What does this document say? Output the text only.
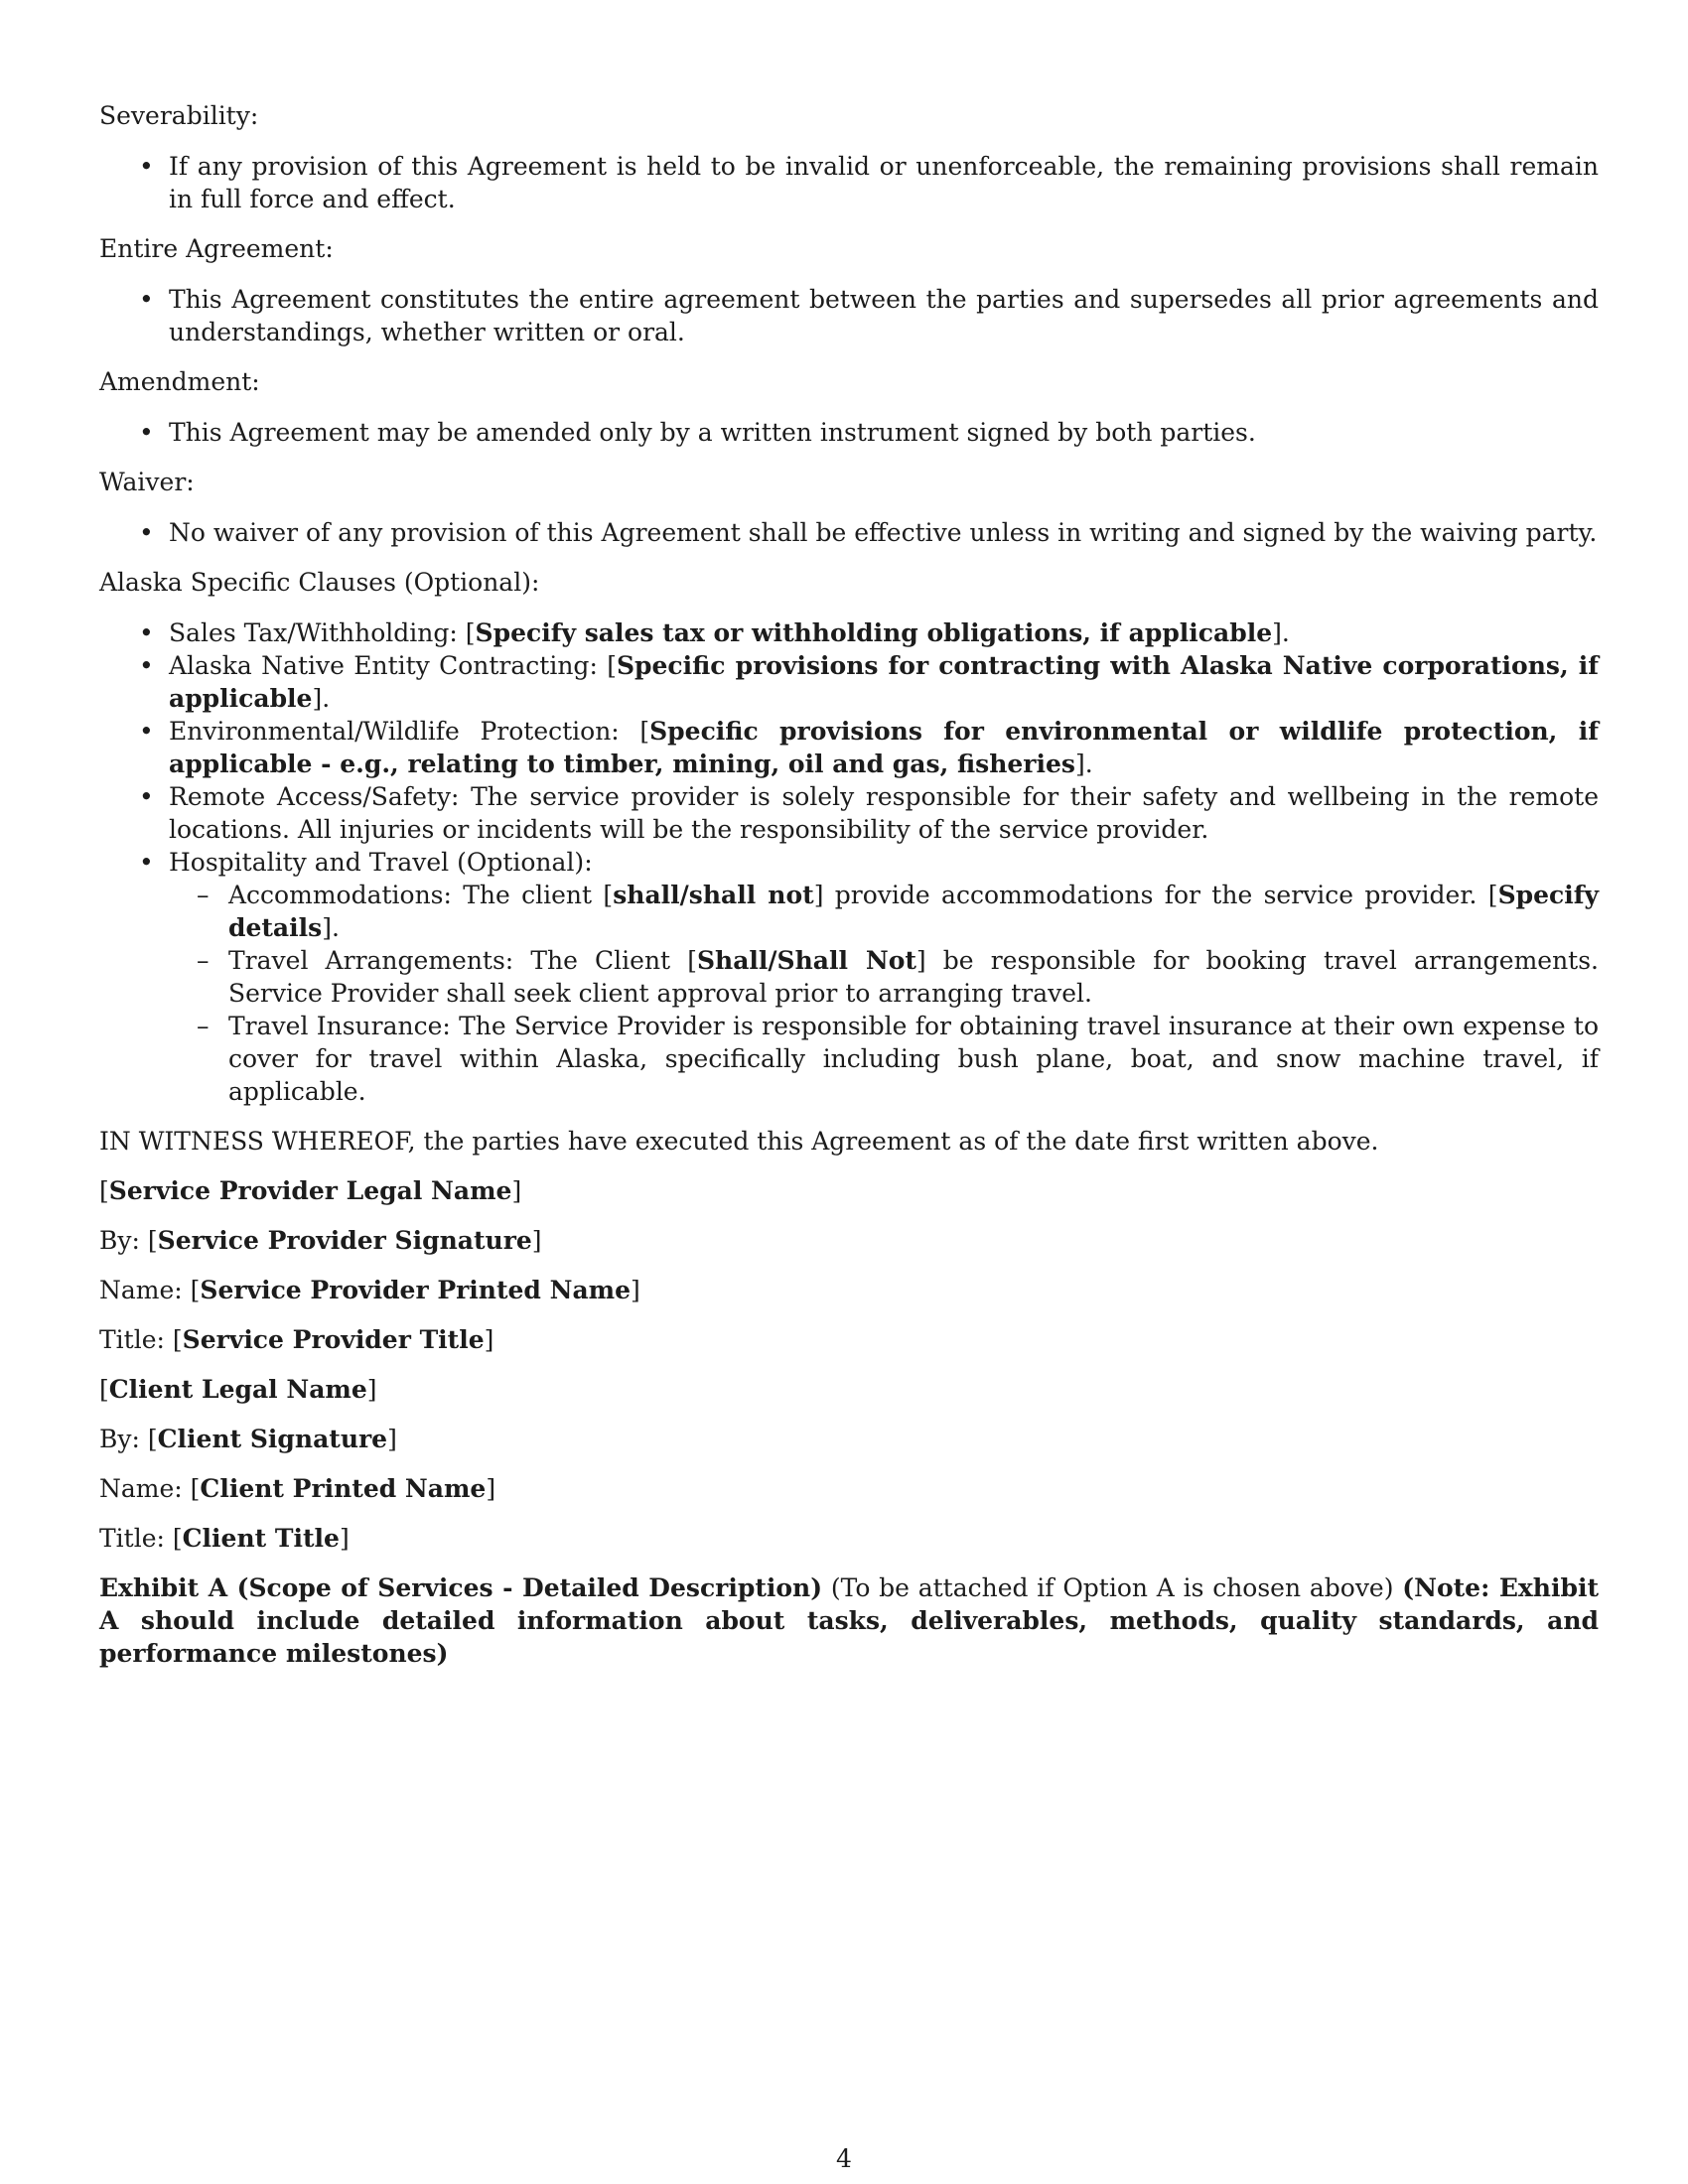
Severability:

• If any provision of this Agreement is held to be invalid or unenforceable, the remaining provisions shall remain in full force and effect.

Entire Agreement:

• This Agreement constitutes the entire agreement between the parties and supersedes all prior agreements and understandings, whether written or oral.

Amendment:

• This Agreement may be amended only by a written instrument signed by both parties.

Waiver:

• No waiver of any provision of this Agreement shall be effective unless in writing and signed by the waiving party.

Alaska Specific Clauses (Optional):

• Sales Tax/Withholding: [Specify sales tax or withholding obligations, if applicable].
• Alaska Native Entity Contracting: [Specific provisions for contracting with Alaska Native corporations, if applicable].
• Environmental/Wildlife Protection: [Specific provisions for environmental or wildlife protection, if applicable - e.g., relating to timber, mining, oil and gas, fisheries].
• Remote Access/Safety: The service provider is solely responsible for their safety and wellbeing in the remote locations. All injuries or incidents will be the responsibility of the service provider.
• Hospitality and Travel (Optional):
– Accommodations: The client [shall/shall not] provide accommodations for the service provider. [Specify details].
– Travel Arrangements: The Client [Shall/Shall Not] be responsible for booking travel arrangements. Service Provider shall seek client approval prior to arranging travel.
– Travel Insurance: The Service Provider is responsible for obtaining travel insurance at their own expense to cover for travel within Alaska, specifically including bush plane, boat, and snow machine travel, if applicable.

IN WITNESS WHEREOF, the parties have executed this Agreement as of the date first written above.

[Service Provider Legal Name]

By: [Service Provider Signature]

Name: [Service Provider Printed Name]

Title: [Service Provider Title]

[Client Legal Name]

By: [Client Signature]

Name: [Client Printed Name]

Title: [Client Title]

Exhibit A (Scope of Services - Detailed Description) (To be attached if Option A is chosen above) (Note: Exhibit A should include detailed information about tasks, deliverables, methods, quality standards, and performance milestones)

4
